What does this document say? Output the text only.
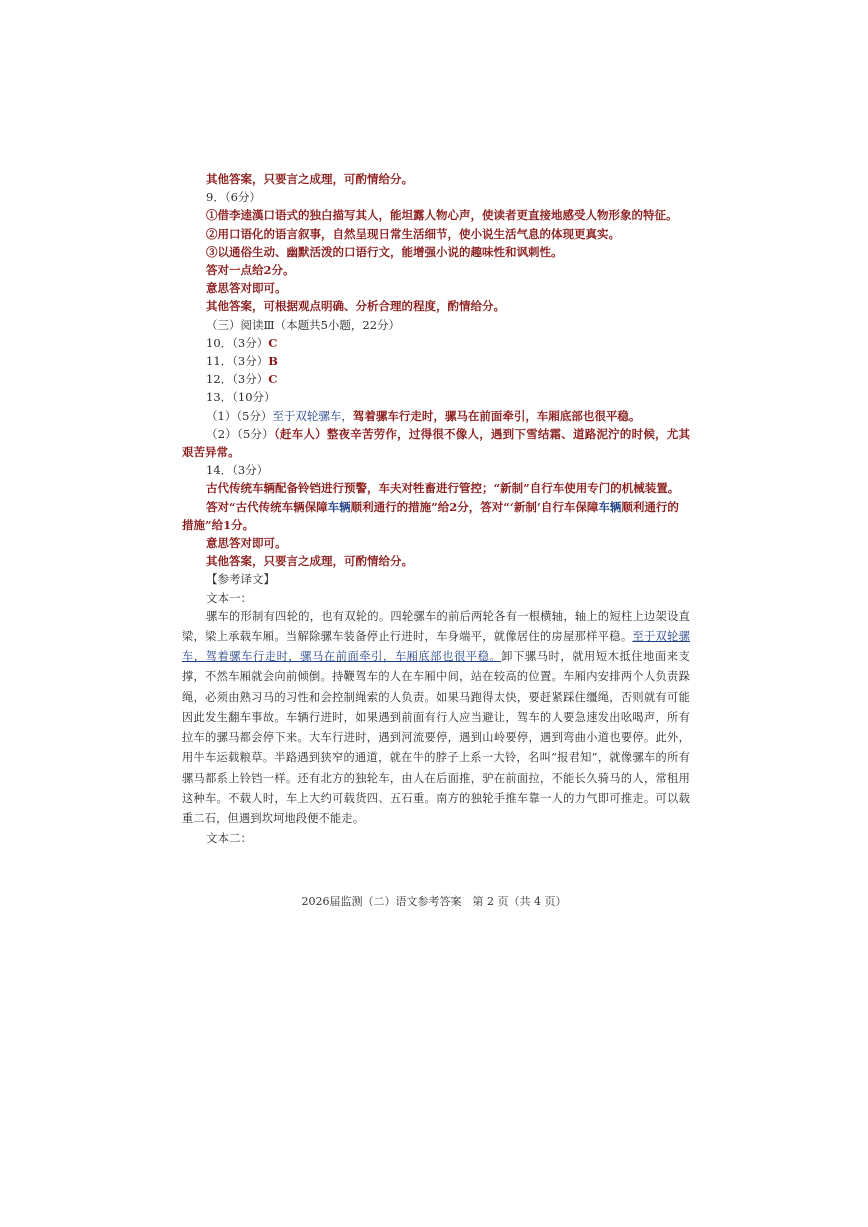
其他答案，只要言之成理，可酌情给分。

9．（6分）

①借李逵漢口语式的独白描写其人，能坦露人物心声，使读者更直接地感受人物形象的特征。

②用口语化的语言叙事，自然呈现日常生活细节，使小说生活气息的体现更真实。

③以通俗生动、幽默活泼的口语行文，能增强小说的趣味性和讽刺性。

答对一点给2分。

意思答对即可。

其他答案，可根据观点明确、分析合理的程度，酌情给分。

（三）阅读Ⅲ（本题共5小题，22分）

10．（3分）C

11．（3分）B

12．（3分）C

13．（10分）

（1）（5分）至于双轮骡车，驾着骡车行走时，骡马在前面牵引，车厢底部也很平稳。

（2）（5分）（赶车人）整夜辛苦劳作，过得很不像人，遇到下雪结霜、道路泥泞的时候，尤其艰苦异常。

14．（3分）

古代传统车辆配备铃铛进行预警，车夫对牲畜进行管控；“新制”自行车使用专门的机械装置。

答对“古代传统车辆保障车辆顺利通行的措施”给2分，答对“‘新制’自行车保障车辆顺利通行的措施”给1分。

意思答对即可。

其他答案，只要言之成理，可酌情给分。

【参考译文】

文本一：

骡车的形制有四轮的，也有双轮的。四轮骡车的前后两轮各有一根横轴，轴上的短柱上边架设直梁，梁上承载车厢。当解除骡车装备停止行进时，车身端平，就像居住的房屋那样平稳。至于双轮骡车，驾着骡车行走时，骡马在前面牵引，车厢底部也很平稳。卸下骡马时，就用短木抵住地面来支撑，不然车厢就会向前倾倒。持鞭驾车的人在车厢中间，站在较高的位置。车厢内安排两个人负责跺绳，必须由熟习马的习性和会控制绳索的人负责。如果马跑得太快，要赶紧踩住缰绳，否则就有可能因此发生翻车事故。车辆行进时，如果遇到前面有行人应当避让，驾车的人要急速发出吆喝声，所有拉车的骡马都会停下来。大车行进时，遇到河流要停，遇到山岭要停，遇到弯曲小道也要停。此外，用牛车运载粮草。半路遇到狭窄的通道，就在牛的脖子上系一大铃，名叫“报君知”，就像骡车的所有骡马都系上铃铛一样。还有北方的独轮车，由人在后面推，驴在前面拉，不能长久骑马的人，常租用这种车。不载人时，车上大约可载货四、五石重。南方的独轮手推车靠一人的力气即可推走。可以载重二石，但遇到坎坷地段便不能走。

文本二：

2026届监测（二）语文参考答案　第 2 页（共 4 页）
